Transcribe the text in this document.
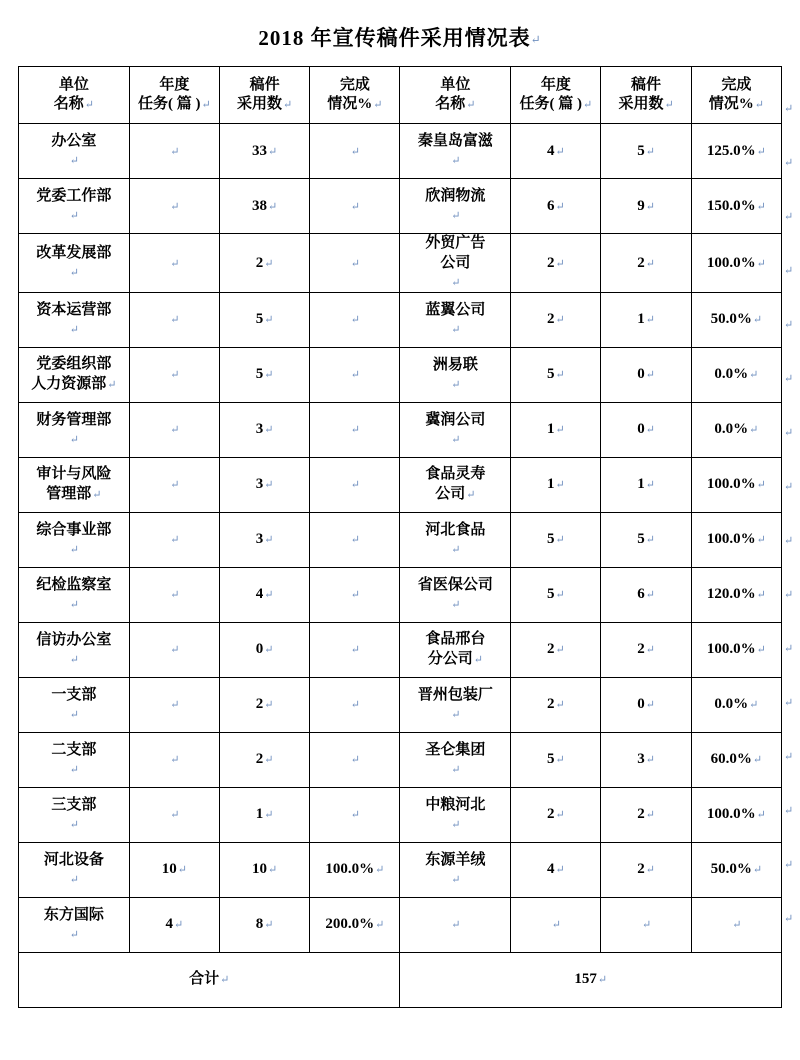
2018 年宣传稿件采用情况表↵
单位
名称↵	年度
任务( 篇 )↵	稿件
采用数↵	完成
情况%↵	单位
名称↵	年度
任务( 篇 )↵	稿件
采用数↵	完成
情况%↵

办公室
↵	↵	33↵	↵	秦皇岛富滋
↵	4↵	5↵	125.0%↵

党委工作部
↵	↵	38↵	↵	欣润物流
↵	6↵	9↵	150.0%↵

改革发展部
↵	↵	2↵	↵	外贸广告
公司
↵	2↵	2↵	100.0%↵

资本运营部
↵	↵	5↵	↵	蓝翼公司
↵	2↵	1↵	50.0%↵

党委组织部
人力资源部↵	↵	5↵	↵	洲易联
↵	5↵	0↵	0.0%↵

财务管理部
↵	↵	3↵	↵	冀润公司
↵	1↵	0↵	0.0%↵

审计与风险
管理部↵	↵	3↵	↵	食品灵寿
公司↵	1↵	1↵	100.0%↵

综合事业部
↵	↵	3↵	↵	河北食品
↵	5↵	5↵	100.0%↵

纪检监察室
↵	↵	4↵	↵	省医保公司
↵	5↵	6↵	120.0%↵

信访办公室
↵	↵	0↵	↵	食品邢台
分公司↵	2↵	2↵	100.0%↵

一支部
↵	↵	2↵	↵	晋州包装厂
↵	2↵	0↵	0.0%↵

二支部
↵	↵	2↵	↵	圣仑集团
↵	5↵	3↵	60.0%↵

三支部
↵	↵	1↵	↵	中粮河北
↵	2↵	2↵	100.0%↵

河北设备
↵	10↵	10↵	100.0%↵	东源羊绒
↵	4↵	2↵	50.0%↵

东方国际
↵	4↵	8↵	200.0%↵	↵	↵	↵	↵
合计↵				157↵			
↵
↵
↵
↵
↵
↵
↵
↵
↵
↵
↵
↵
↵
↵
↵
↵
